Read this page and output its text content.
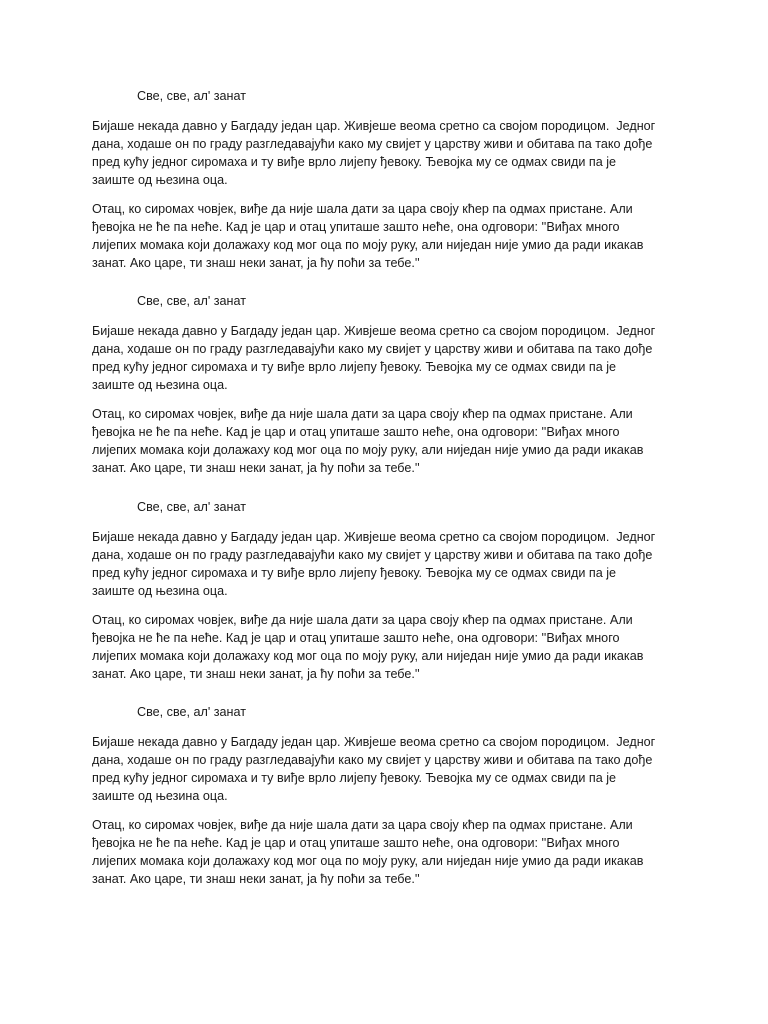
Све, све, ал' занат

Бијаше некада давно у Багдаду један цар. Живјеше веома сретно са својом породицом.  Једног
дана, ходаше он по граду разгледавајући како му свијет у царству живи и обитава па тако дође
пред кућу једног сиромаха и ту виђе врло лијепу ђевоку. Ђевојка му се одмах свиди па је
заиште од њезина оца.

Отац, ко сиромах човјек, виђе да није шала дати за цара своју кћер па одмах пристане. Али
ђевојка не ће па неће. Кад је цар и отац упиташе зашто неће, она одговори: ''Виђах много
лијепих момака који долажаху код мог оца по моју руку, али ниједан није умио да ради икакав
занат. Ако царе, ти знаш неки занат, ја ћу поћи за тебе.''

Све, све, ал' занат

Бијаше некада давно у Багдаду један цар. Живјеше веома сретно са својом породицом.  Једног
дана, ходаше он по граду разгледавајући како му свијет у царству живи и обитава па тако дође
пред кућу једног сиромаха и ту виђе врло лијепу ђевоку. Ђевојка му се одмах свиди па је
заиште од њезина оца.

Отац, ко сиромах човјек, виђе да није шала дати за цара своју кћер па одмах пристане. Али
ђевојка не ће па неће. Кад је цар и отац упиташе зашто неће, она одговори: ''Виђах много
лијепих момака који долажаху код мог оца по моју руку, али ниједан није умио да ради икакав
занат. Ако царе, ти знаш неки занат, ја ћу поћи за тебе.''

Све, све, ал' занат

Бијаше некада давно у Багдаду један цар. Живјеше веома сретно са својом породицом.  Једног
дана, ходаше он по граду разгледавајући како му свијет у царству живи и обитава па тако дође
пред кућу једног сиромаха и ту виђе врло лијепу ђевоку. Ђевојка му се одмах свиди па је
заиште од њезина оца.

Отац, ко сиромах човјек, виђе да није шала дати за цара своју кћер па одмах пристане. Али
ђевојка не ће па неће. Кад је цар и отац упиташе зашто неће, она одговори: ''Виђах много
лијепих момака који долажаху код мог оца по моју руку, али ниједан није умио да ради икакав
занат. Ако царе, ти знаш неки занат, ја ћу поћи за тебе.''

Све, све, ал' занат

Бијаше некада давно у Багдаду један цар. Живјеше веома сретно са својом породицом.  Једног
дана, ходаше он по граду разгледавајући како му свијет у царству живи и обитава па тако дође
пред кућу једног сиромаха и ту виђе врло лијепу ђевоку. Ђевојка му се одмах свиди па је
заиште од њезина оца.

Отац, ко сиромах човјек, виђе да није шала дати за цара своју кћер па одмах пристане. Али
ђевојка не ће па неће. Кад је цар и отац упиташе зашто неће, она одговори: ''Виђах много
лијепих момака који долажаху код мог оца по моју руку, али ниједан није умио да ради икакав
занат. Ако царе, ти знаш неки занат, ја ћу поћи за тебе.''
